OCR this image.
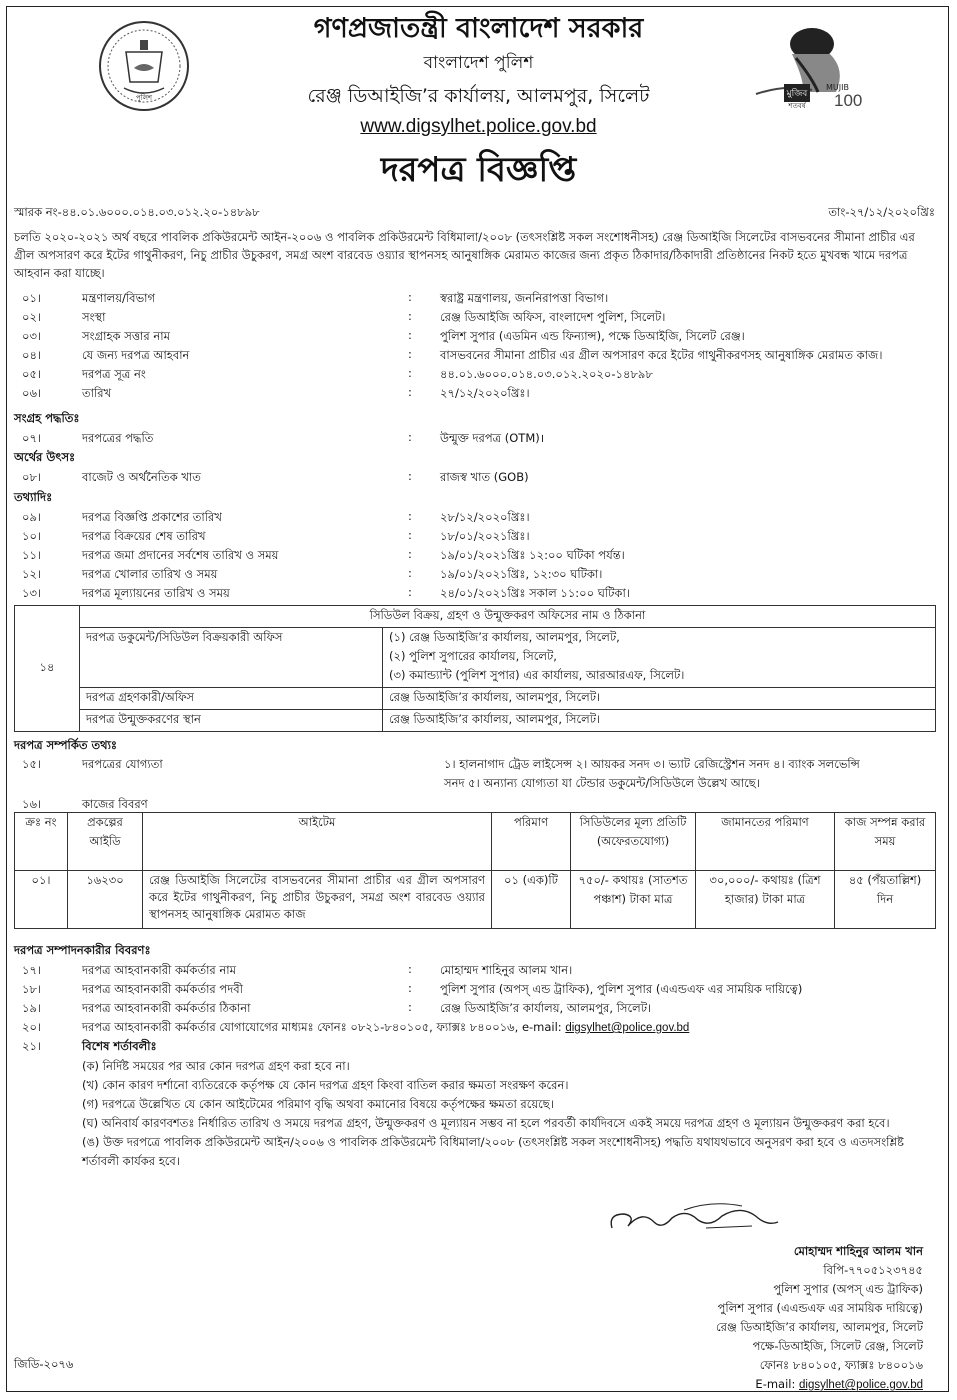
পুলিশ	মুজিব
শতবর্ষ
MUJIB
100
গণপ্রজাতন্ত্রী বাংলাদেশ সরকার
বাংলাদেশ পুলিশ
রেঞ্জ ডিআইজি’র কার্যালয়, আলমপুর, সিলেট
www.digsylhet.police.gov.bd
দরপত্র বিজ্ঞপ্তি
স্মারক নং-৪৪.০১.৬০০০.০১৪.০৩.০১২.২০-১৪৮৯৮	তাং-২৭/১২/২০২০খ্রিঃ
চলতি ২০২০-২০২১ অর্থ বছরে পাবলিক প্রকিউরমেন্ট আইন-২০০৬ ও পাবলিক প্রকিউরমেন্ট বিধিমালা/২০০৮ (তৎসংশ্লিষ্ট সকল সংশোধনীসহ) রেঞ্জ ডিআইজি সিলেটের বাসভবনের সীমানা প্রাচীর এর গ্রীল অপসারণ করে ইটের গাথুনীকরণ, নিচু প্রাচীর উচুকরণ, সমগ্র অংশ বারবেড ওয়্যার স্থাপনসহ আনুষাঙ্গিক মেরামত কাজের জন্য প্রকৃত ঠিকাদার/ঠিকাদারী প্রতিষ্ঠানের নিকট হতে মুখবন্ধ খামে দরপত্র আহবান করা যাচ্ছে।
০১।	মন্ত্রণালয়/বিভাগ	: স্বরাষ্ট্র মন্ত্রণালয়, জননিরাপত্তা বিভাগ।
০২।	সংস্থা	: রেঞ্জ ডিআইজি অফিস, বাংলাদেশ পুলিশ, সিলেট।
০৩।	সংগ্রাহক সত্তার নাম	: পুলিশ সুপার (এডমিন এন্ড ফিন্যান্স), পক্ষে ডিআইজি, সিলেট রেঞ্জ।
০৪।	যে জন্য দরপত্র আহবান	: বাসভবনের সীমানা প্রাচীর এর গ্রীল অপসারণ করে ইটের গাথুনীকরণসহ আনুষাঙ্গিক মেরামত কাজ।
০৫।	দরপত্র সূত্র নং	: ৪৪.০১.৬০০০.০১৪.০৩.০১২.২০২০-১৪৮৯৮
০৬।	তারিখ	: ২৭/১২/২০২০খ্রিঃ।
সংগ্রহ পদ্ধতিঃ
০৭।	দরপত্রের পদ্ধতি	: উন্মুক্ত দরপত্র (OTM)।
অর্থের উৎসঃ
০৮।	বাজেট ও অর্থনৈতিক খাত	: রাজস্ব খাত (GOB)
তথ্যাদিঃ
০৯।	দরপত্র বিজ্ঞপ্তি প্রকাশের তারিখ	: ২৮/১২/২০২০খ্রিঃ।
১০।	দরপত্র বিক্রয়ের শেষ তারিখ	: ১৮/০১/২০২১খ্রিঃ।
১১।	দরপত্র জমা প্রদানের সর্বশেষ তারিখ ও সময়	: ১৯/০১/২০২১খ্রিঃ ১২:০০ ঘটিকা পর্যন্ত।
১২।	দরপত্র খোলার তারিখ ও সময়	: ১৯/০১/২০২১খ্রিঃ, ১২:৩০ ঘটিকা।
১৩।	দরপত্র মূল্যায়নের তারিখ ও সময়	: ২৪/০১/২০২১খ্রিঃ সকাল ১১:০০ ঘটিকা।
১৪	সিডিউল বিক্রয়, গ্রহণ ও উন্মুক্তকরণ অফিসের নাম ও ঠিকানা	
	দরপত্র ডকুমেন্ট/সিডিউল বিক্রয়কারী অফিস	(১) রেঞ্জ ডিআইজি’র কার্যালয়, আলমপুর, সিলেট,
(২) পুলিশ সুপারের কার্যালয়, সিলেট,
(৩) কমান্ড্যান্ট (পুলিশ সুপার) এর কার্যালয়, আরআরএফ, সিলেট।

	দরপত্র গ্রহণকারী/অফিস	রেঞ্জ ডিআইজি’র কার্যালয়, আলমপুর, সিলেট।
	দরপত্র উন্মুক্তকরণের স্থান	রেঞ্জ ডিআইজি’র কার্যালয়, আলমপুর, সিলেট।
দরপত্র সম্পর্কিত তথ্যঃ
১৫।	দরপত্রের যোগ্যতা	১। হালনাগাদ ট্রেড লাইসেন্স ২। আয়কর সনদ ৩। ভ্যাট রেজিস্ট্রেশন সনদ ৪। ব্যাংক সলভেন্সি
সনদ ৫। অন্যান্য যোগ্যতা যা টেন্ডার ডকুমেন্ট/সিডিউলে উল্লেখ আছে।
১৬।	কাজের বিবরণ
ক্রঃ নং	প্রকল্পের আইডি	আইটেম	পরিমাণ	সিডিউলের মূল্য প্রতিটি (অফেরতযোগ্য)	জামানতের পরিমাণ	কাজ সম্পন্ন করার সময়
০১।	১৬২৩০	রেঞ্জ ডিআইজি সিলেটের বাসভবনের সীমানা প্রাচীর এর গ্রীল অপসারণ করে ইটের গাথুনীকরণ, নিচু প্রাচীর উচুকরণ, সমগ্র অংশ বারবেড ওয়্যার স্থাপনসহ আনুষাঙ্গিক মেরামত কাজ	০১ (এক)টি	৭৫০/- কথায়ঃ (সাতশত পঞ্চাশ) টাকা মাত্র	৩০,০০০/- কথায়ঃ (ত্রিশ হাজার) টাকা মাত্র	৪৫ (পঁয়তাল্লিশ) দিন
দরপত্র সম্পাদনকারীর বিবরণঃ
১৭।	দরপত্র আহবানকারী কর্মকর্তার নাম	: মোহাম্মদ শাহিনুর আলম খান।
১৮।	দরপত্র আহবানকারী কর্মকর্তার পদবী	: পুলিশ সুপার (অপস্ এন্ড ট্রাফিক), পুলিশ সুপার (এএন্ডএফ এর সাময়িক দায়িত্বে)
১৯।	দরপত্র আহবানকারী কর্মকর্তার ঠিকানা	: রেঞ্জ ডিআইজি’র কার্যালয়, আলমপুর, সিলেট।
২০।	দরপত্র আহবানকারী কর্মকর্তার যোগাযোগের মাধ্যমঃ ফোনঃ ০৮২১-৮৪০১০৫, ফ্যাক্সঃ ৮৪০০১৬, e-mail: digsylhet@police.gov.bd
২১।	বিশেষ শর্তাবলীঃ
(ক) নির্দিষ্ট সময়ের পর আর কোন দরপত্র গ্রহণ করা হবে না।
(খ) কোন কারণ দর্শানো ব্যতিরেকে কর্তৃপক্ষ যে কোন দরপত্র গ্রহণ কিংবা বাতিল করার ক্ষমতা সংরক্ষণ করেন।
(গ) দরপত্রে উল্লেখিত যে কোন আইটেমের পরিমাণ বৃদ্ধি অথবা কমানোর বিষয়ে কর্তৃপক্ষের ক্ষমতা রয়েছে।
(ঘ) অনিবার্য কারণবশতঃ নির্ধারিত তারিখ ও সময়ে দরপত্র গ্রহণ, উন্মুক্তকরণ ও মূল্যায়ন সম্ভব না হলে পরবর্তী কার্যদিবসে একই সময়ে দরপত্র গ্রহণ ও মূল্যায়ন উন্মুক্তকরণ করা হবে।
(ঙ) উক্ত দরপত্রে পাবলিক প্রকিউরমেন্ট আইন/২০০৬ ও পাবলিক প্রকিউরমেন্ট বিধিমালা/২০০৮ (তৎসংশ্লিষ্ট সকল সংশোধনীসহ) পদ্ধতি যথাযথভাবে অনুসরণ করা হবে ও এতদসংশ্লিষ্ট শর্তাবলী কার্যকর হবে।
মোহাম্মদ শাহিনুর আলম খান
বিপি-৭৭০৫১২৩৭৪৫
পুলিশ সুপার (অপস্ এন্ড ট্রাফিক)
পুলিশ সুপার (এএন্ডএফ এর সাময়িক দায়িত্বে)
রেঞ্জ ডিআইজি’র কার্যালয়, আলমপুর, সিলেট
পক্ষে-ডিআইজি, সিলেট রেঞ্জ, সিলেট
ফোনঃ ৮৪০১০৫, ফ্যাক্সঃ ৮৪০০১৬
E-mail: digsylhet@police.gov.bd
জিডি-২০৭৬
